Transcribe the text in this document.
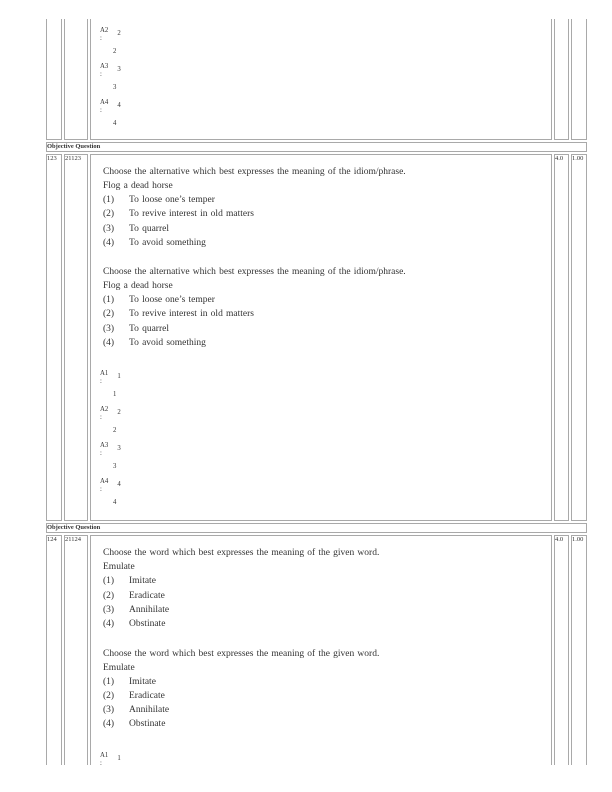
A2 2
:
2
A3 3
:
3
A4 4
:
4

Objective Question				
123	21123	
Choose the alternative which best expresses the meaning of the idiom/phrase.
Flog a dead horse
(1) To loose one’s temper
(2) To revive interest in old matters
(3) To quarrel
(4) To avoid something
Choose the alternative which best expresses the meaning of the idiom/phrase.
Flog a dead horse
(1) To loose one’s temper
(2) To revive interest in old matters
(3) To quarrel
(4) To avoid something
A1 1
:
1
A2 2
:
2
A3 3
:
3
A4 4
:
4
	4.0	1.00
Objective Question				
124	21124	
Choose the word which best expresses the meaning of the given word.
Emulate
(1) Imitate
(2) Eradicate
(3) Annihilate
(4) Obstinate
Choose the word which best expresses the meaning of the given word.
Emulate
(1) Imitate
(2) Eradicate
(3) Annihilate
(4) Obstinate
A1 1
:
	4.0	1.00
